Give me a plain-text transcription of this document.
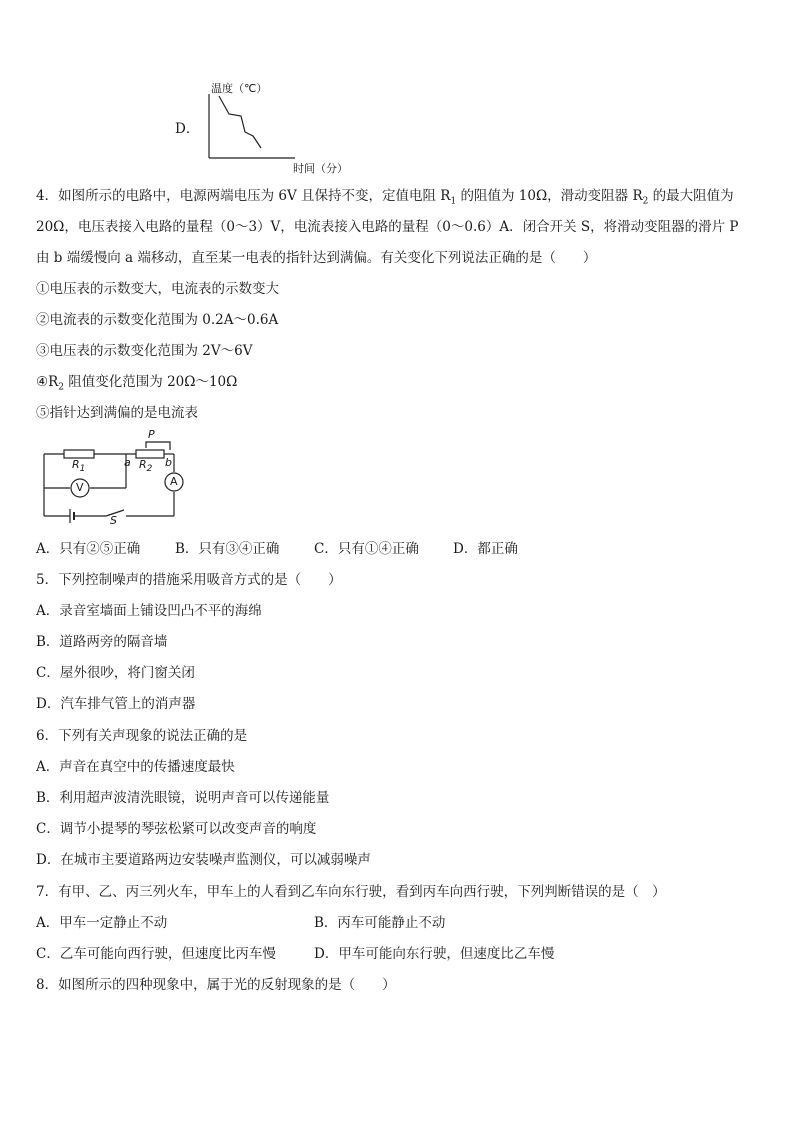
D．
温度（℃）
时间（分）
4．如图所示的电路中，电源两端电压为 6V 且保持不变，定值电阻 $R_1$ 的阻值为 10Ω，滑动变阻器 $R_2$ 的最大阻值为
20Ω，电压表接入电路的量程（0～3）V，电流表接入电路的量程（0～0.6）A．闭合开关 S，将滑动变阻器的滑片 P
由 b 端缓慢向 a 端移动，直至某一电表的指针达到满偏。有关变化下列说法正确的是（　　）
①电压表的示数变大，电流表的示数变大
②电流表的示数变化范围为 0.2A～0.6A
③电压表的示数变化范围为 2V～6V
$④R_2$ 阻值变化范围为 20Ω～10Ω
⑤指针达到满偏的是电流表
$R_1$	$R_2$
a	b
P
V	A
S
A．只有②⑤正确	B．只有③④正确	C．只有①④正确	D．都正确
5．下列控制噪声的措施采用吸音方式的是（　　）
A．录音室墙面上铺设凹凸不平的海绵
B．道路两旁的隔音墙
C．屋外很吵，将门窗关闭
D．汽车排气管上的消声器
6．下列有关声现象的说法正确的是
A．声音在真空中的传播速度最快
B．利用超声波清洗眼镜，说明声音可以传递能量
C．调节小提琴的琴弦松紧可以改变声音的响度
D．在城市主要道路两边安装噪声监测仪，可以减弱噪声
7．有甲、乙、丙三列火车，甲车上的人看到乙车向东行驶，看到丙车向西行驶，下列判断错误的是（　）
A．甲车一定静止不动	B．丙车可能静止不动
C．乙车可能向西行驶，但速度比丙车慢	D．甲车可能向东行驶，但速度比乙车慢
8．如图所示的四种现象中，属于光的反射现象的是（　　）
